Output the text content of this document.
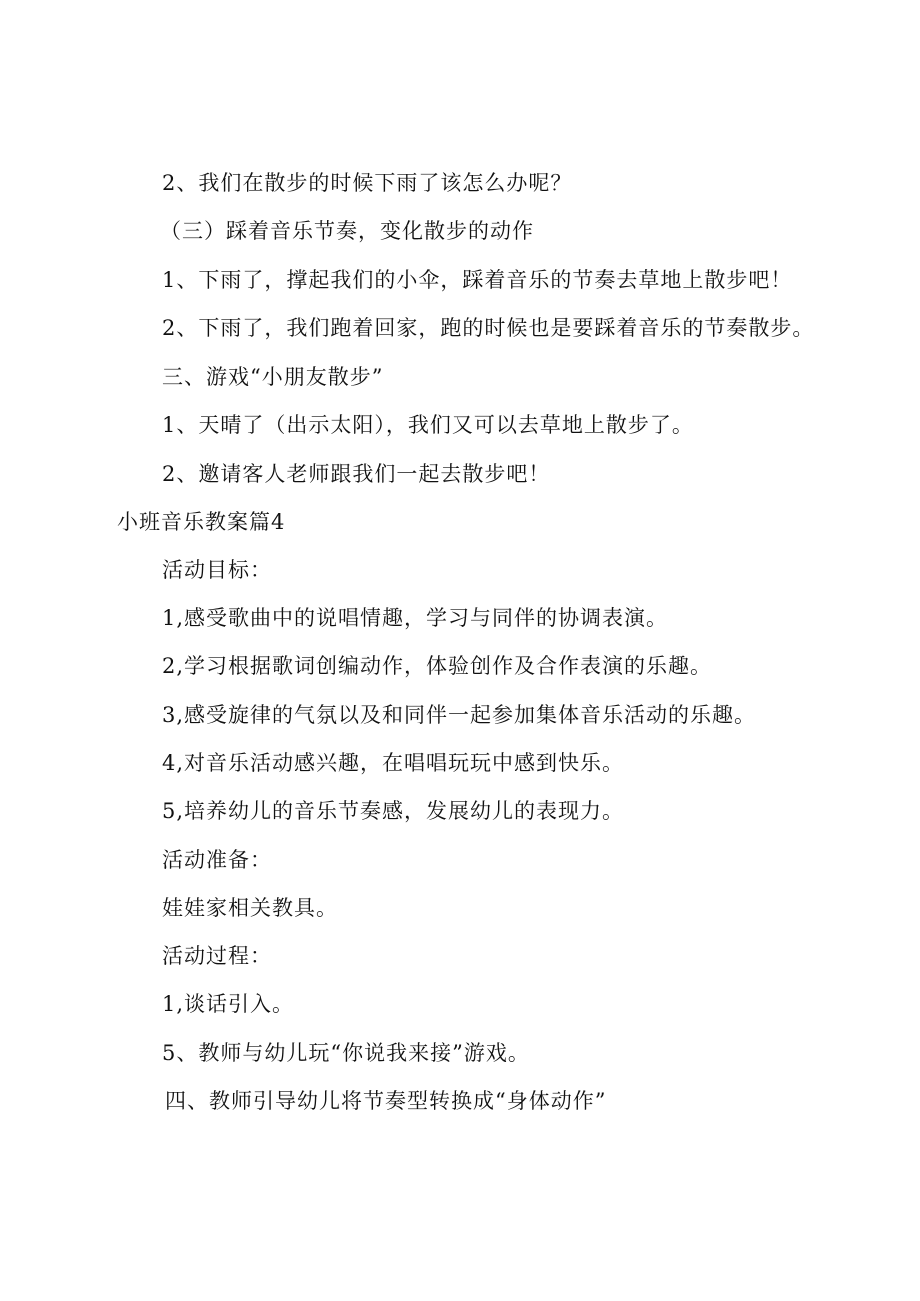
2、我们在散步的时候下雨了该怎么办呢？
（三）踩着音乐节奏，变化散步的动作
1、下雨了，撑起我们的小伞，踩着音乐的节奏去草地上散步吧！
2、下雨了，我们跑着回家，跑的时候也是要踩着音乐的节奏散步。
三、游戏“小朋友散步”
1、天晴了（出示太阳），我们又可以去草地上散步了。
2、邀请客人老师跟我们一起去散步吧！
小班音乐教案篇4
活动目标：
1,感受歌曲中的说唱情趣，学习与同伴的协调表演。
2,学习根据歌词创编动作，体验创作及合作表演的乐趣。
3,感受旋律的气氛以及和同伴一起参加集体音乐活动的乐趣。
4,对音乐活动感兴趣，在唱唱玩玩中感到快乐。
5,培养幼儿的音乐节奏感，发展幼儿的表现力。
活动准备：
娃娃家相关教具。
活动过程：
1,谈话引入。
5、教师与幼儿玩“你说我来接”游戏。
四、教师引导幼儿将节奏型转换成“身体动作”
